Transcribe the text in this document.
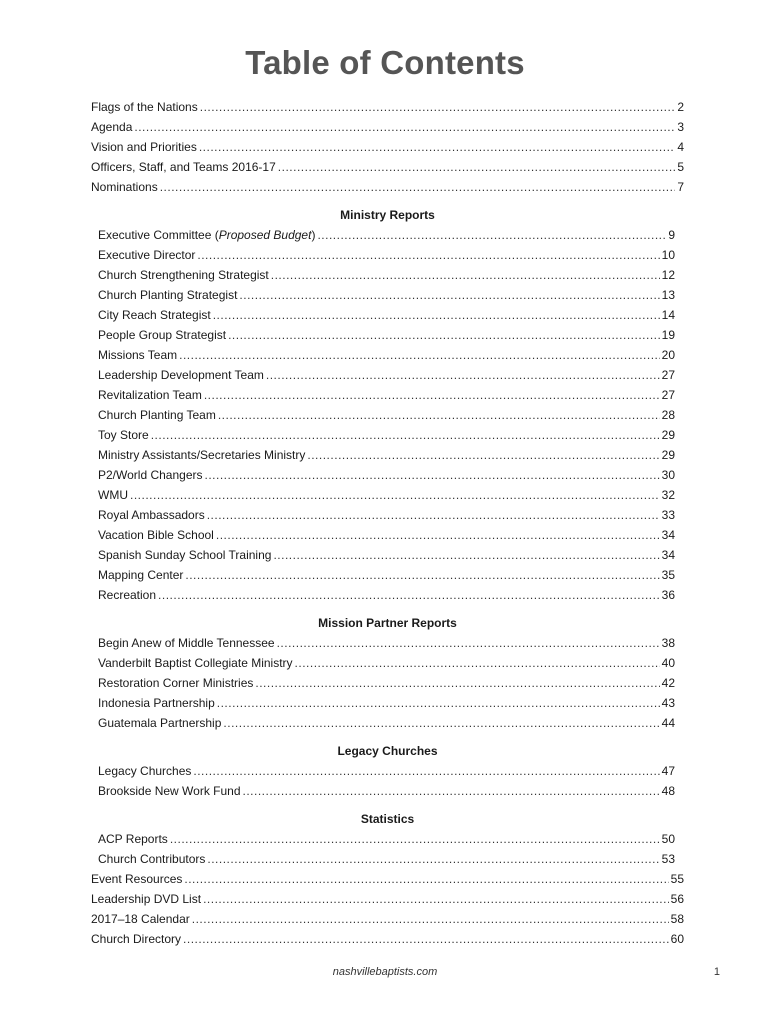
Table of Contents
Flags of the Nations .....	2
Agenda .....	3
Vision and Priorities .....	4
Officers, Staff, and Teams 2016-17 .....	5
Nominations .....	7
Ministry Reports
Executive Committee (Proposed Budget) .....	9
Executive Director .....	10
Church Strengthening Strategist .....	12
Church Planting Strategist .....	13
City Reach Strategist .....	14
People Group Strategist .....	19
Missions Team .....	20
Leadership Development Team .....	27
Revitalization Team .....	27
Church Planting Team .....	28
Toy Store .....	29
Ministry Assistants/Secretaries Ministry .....	29
P2/World Changers .....	30
WMU .....	32
Royal Ambassadors .....	33
Vacation Bible School .....	34
Spanish Sunday School Training .....	34
Mapping Center .....	35
Recreation .....	36
Mission Partner Reports
Begin Anew of Middle Tennessee .....	38
Vanderbilt Baptist Collegiate Ministry .....	40
Restoration Corner Ministries .....	42
Indonesia Partnership .....	43
Guatemala Partnership .....	44
Legacy Churches
Legacy Churches .....	47
Brookside New Work Fund .....	48
Statistics
ACP Reports .....	50
Church Contributors .....	53
Event Resources .....	55
Leadership DVD List .....	56
2017–18 Calendar .....	58
Church Directory .....	60
nashvillebaptists.com	1
